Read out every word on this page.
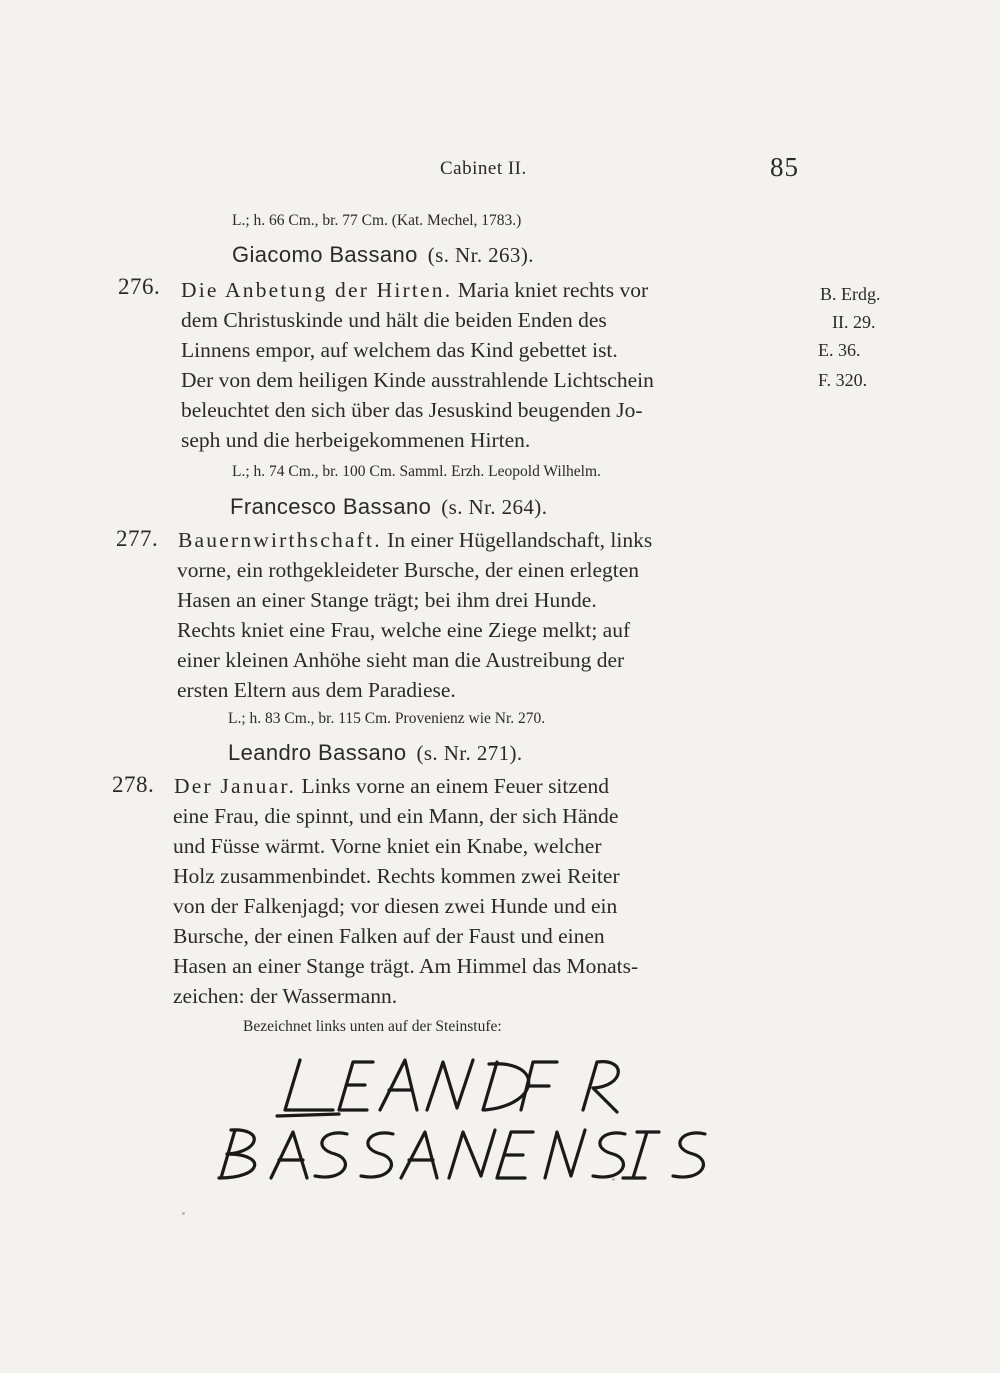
Cabinet II.	85
L.; h. 66 Cm., br. 77 Cm. (Kat. Mechel, 1783.)
Giacomo Bassano (s. Nr. 263).
276. Die Anbetung der Hirten. Maria kniet rechts vor
dem Christuskinde und hält die beiden Enden des
Linnens empor, auf welchem das Kind gebettet ist.
Der von dem heiligen Kinde ausstrahlende Lichtschein
beleuchtet den sich über das Jesuskind beugenden Jo-
seph und die herbeigekommenen Hirten.
L.; h. 74 Cm., br. 100 Cm. Samml. Erzh. Leopold Wilhelm.
B. Erdg.
II. 29.
E. 36.
F. 320.
Francesco Bassano (s. Nr. 264).
277. Bauernwirthschaft. In einer Hügellandschaft, links
vorne, ein rothgekleideter Bursche, der einen erlegten
Hasen an einer Stange trägt; bei ihm drei Hunde.
Rechts kniet eine Frau, welche eine Ziege melkt; auf
einer kleinen Anhöhe sieht man die Austreibung der
ersten Eltern aus dem Paradiese.
L.; h. 83 Cm., br. 115 Cm. Provenienz wie Nr. 270.
Leandro Bassano (s. Nr. 271).
278. Der Januar. Links vorne an einem Feuer sitzend
eine Frau, die spinnt, und ein Mann, der sich Hände
und Füsse wärmt. Vorne kniet ein Knabe, welcher
Holz zusammenbindet. Rechts kommen zwei Reiter
von der Falkenjagd; vor diesen zwei Hunde und ein
Bursche, der einen Falken auf der Faust und einen
Hasen an einer Stange trägt. Am Himmel das Monats-
zeichen: der Wassermann.
Bezeichnet links unten auf der Steinstufe:
